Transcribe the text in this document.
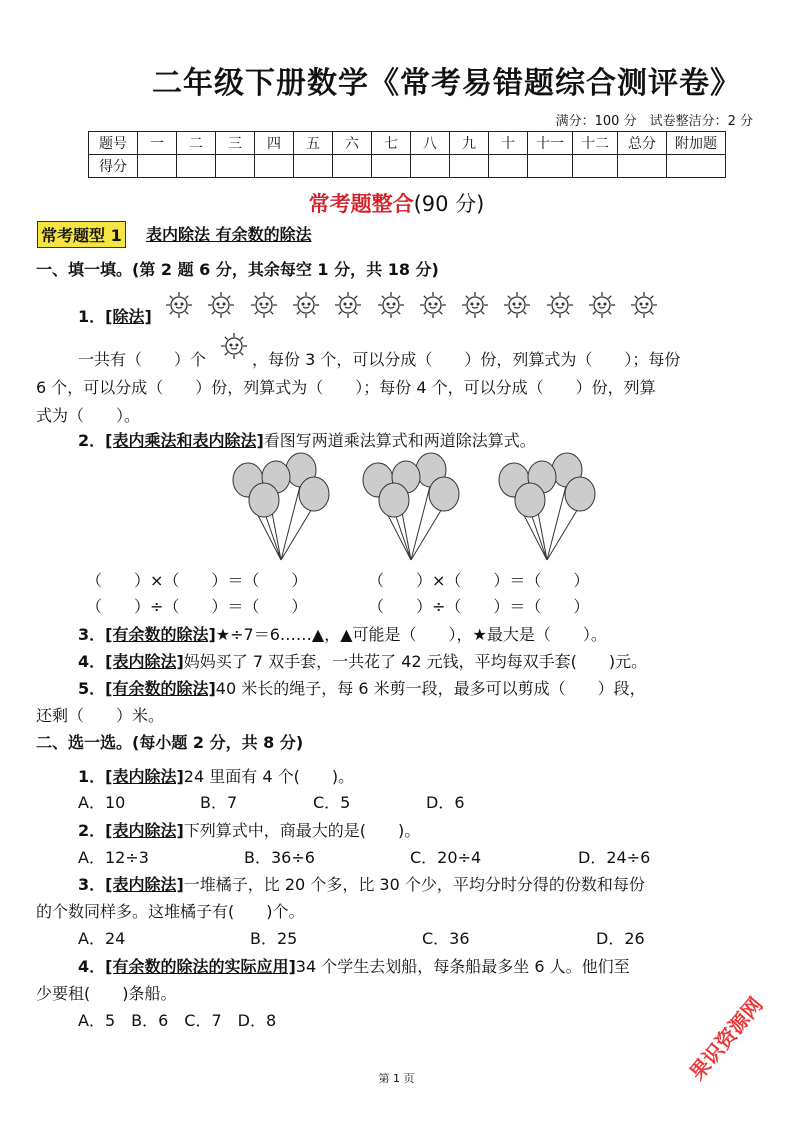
二年级下册数学《常考易错题综合测评卷》
满分：100 分　试卷整洁分：2 分
题号	一	二	三	四	五	六	七	八	九	十	十一	十二	总分	附加题
得分														
常考题整合(90 分)
常考题型 1 表内除法 有余数的除法
一、填一填。(第 2 题 6 分，其余每空 1 分，共 18 分)
1．[除法]
一共有（　　）个	，每份 3 个，可以分成（　　）份，列算式为（　　）；每份
6 个，可以分成（　　）份，列算式为（　　）；每份 4 个，可以分成（　　）份，列算
式为（　　）。
2．[表内乘法和表内除法]看图写两道乘法算式和两道除法算式。
（　　）×（　　）＝（　　）	（　　）×（　　）＝（　　）
（　　）÷（　　）＝（　　）	（　　）÷（　　）＝（　　）
3．[有余数的除法]★÷7＝6……▲，▲可能是（　　），★最大是（　　）。
4．[表内除法]妈妈买了 7 双手套，一共花了 42 元钱，平均每双手套(　　)元。
5．[有余数的除法]40 米长的绳子，每 6 米剪一段，最多可以剪成（　　）段，
还剩（　　）米。
二、选一选。(每小题 2 分，共 8 分)
1．[表内除法]24 里面有 4 个(　　)。
A．10	B．7	C．5	D．6
2．[表内除法]下列算式中，商最大的是(　　)。
A．12÷3	B．36÷6	C．20÷4	D．24÷6
3．[表内除法]一堆橘子，比 20 个多，比 30 个少，平均分时分得的份数和每份
的个数同样多。这堆橘子有(　　)个。
A．24	B．25	C．36	D．26
4．[有余数的除法的实际应用]34 个学生去划船，每条船最多坐 6 人。他们至
少要租(　　)条船。
A．5　B．6　C．7　D．8	果识资源网
第 1 页
